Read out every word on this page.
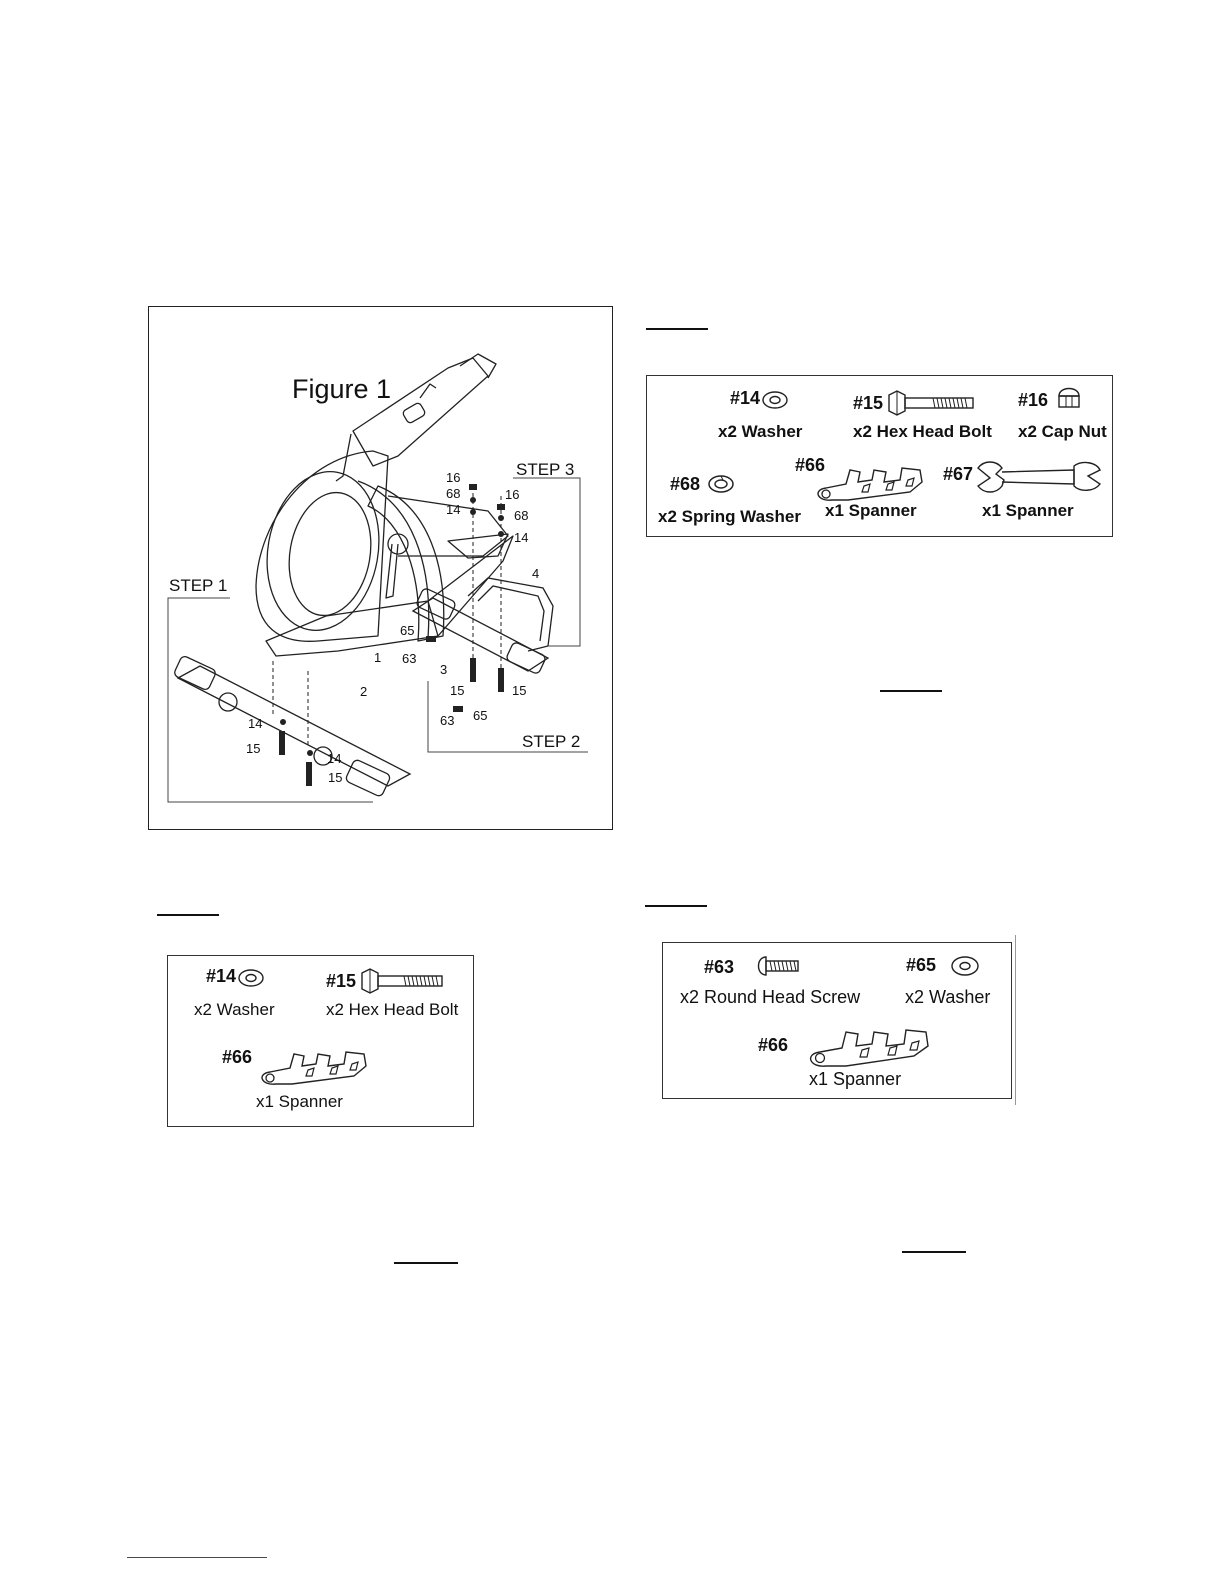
Figure 1
STEP 3
STEP 1
STEP 2
16
68
14
16
68
14
4
65
1 63
3
2	15	15
65
63
14
15
14
15
#14
x2 Washer
#15
x2 Hex Head Bolt
#16
x2 Cap Nut
#68
x2 Spring Washer
#66
x1 Spanner
#67
x1 Spanner
#14
x2 Washer
#15
x2 Hex Head Bolt
#66
x1 Spanner
#63
x2 Round Head Screw
#65
x2 Washer
#66
x1 Spanner
